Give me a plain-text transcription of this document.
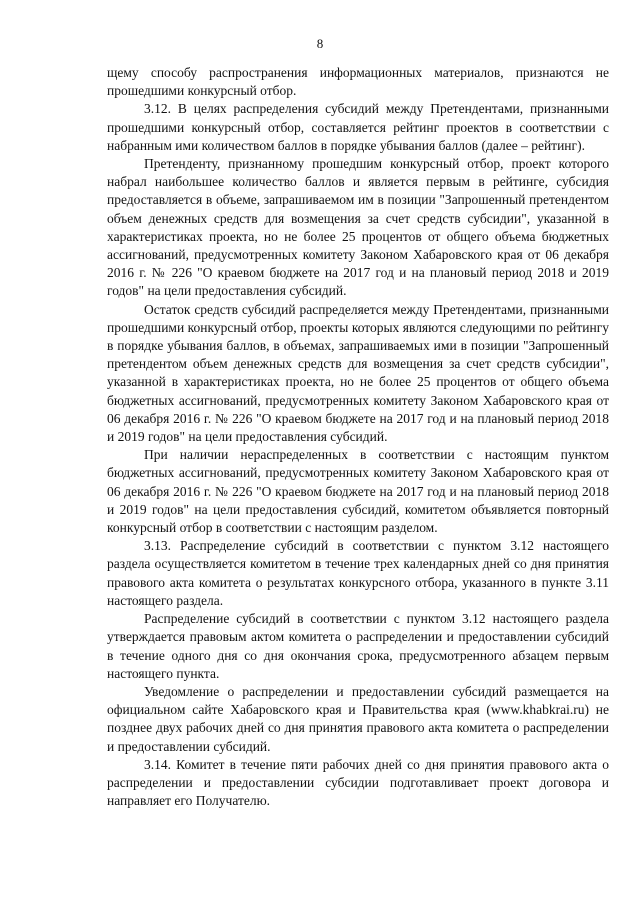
8

щему способу распространения информационных материалов, признаются не прошедшими конкурсный отбор.

3.12. В целях распределения субсидий между Претендентами, признанными прошедшими конкурсный отбор, составляется рейтинг проектов в соответствии с набранным ими количеством баллов в порядке убывания баллов (далее – рейтинг).

Претенденту, признанному прошедшим конкурсный отбор, проект которого набрал наибольшее количество баллов и является первым в рейтинге, субсидия предоставляется в объеме, запрашиваемом им в позиции "Запрошенный претендентом объем денежных средств для возмещения за счет средств субсидии", указанной в характеристиках проекта, но не более 25 процентов от общего объема бюджетных ассигнований, предусмотренных комитету Законом Хабаровского края от 06 декабря 2016 г. № 226 "О краевом бюджете на 2017 год и на плановый период 2018 и 2019 годов" на цели предоставления субсидий.

Остаток средств субсидий распределяется между Претендентами, признанными прошедшими конкурсный отбор, проекты которых являются следующими по рейтингу в порядке убывания баллов, в объемах, запрашиваемых ими в позиции "Запрошенный претендентом объем денежных средств для возмещения за счет средств субсидии", указанной в характеристиках проекта, но не более 25 процентов от общего объема бюджетных ассигнований, предусмотренных комитету Законом Хабаровского края от 06 декабря 2016 г. № 226 "О краевом бюджете на 2017 год и на плановый период 2018 и 2019 годов" на цели предоставления субсидий.

При наличии нераспределенных в соответствии с настоящим пунктом бюджетных ассигнований, предусмотренных комитету Законом Хабаровского края от 06 декабря 2016 г. № 226 "О краевом бюджете на 2017 год и на плановый период 2018 и 2019 годов" на цели предоставления субсидий, комитетом объявляется повторный конкурсный отбор в соответствии с настоящим разделом.

3.13. Распределение субсидий в соответствии с пунктом 3.12 настоящего раздела осуществляется комитетом в течение трех календарных дней со дня принятия правового акта комитета о результатах конкурсного отбора, указанного в пункте 3.11 настоящего раздела.

Распределение субсидий в соответствии с пунктом 3.12 настоящего раздела утверждается правовым актом комитета о распределении и предоставлении субсидий в течение одного дня со дня окончания срока, предусмотренного абзацем первым настоящего пункта.

Уведомление о распределении и предоставлении субсидий размещается на официальном сайте Хабаровского края и Правительства края (www.khabkrai.ru) не позднее двух рабочих дней со дня принятия правового акта комитета о распределении и предоставлении субсидий.

3.14. Комитет в течение пяти рабочих дней со дня принятия правового акта о распределении и предоставлении субсидии подготавливает проект договора и направляет его Получателю.
